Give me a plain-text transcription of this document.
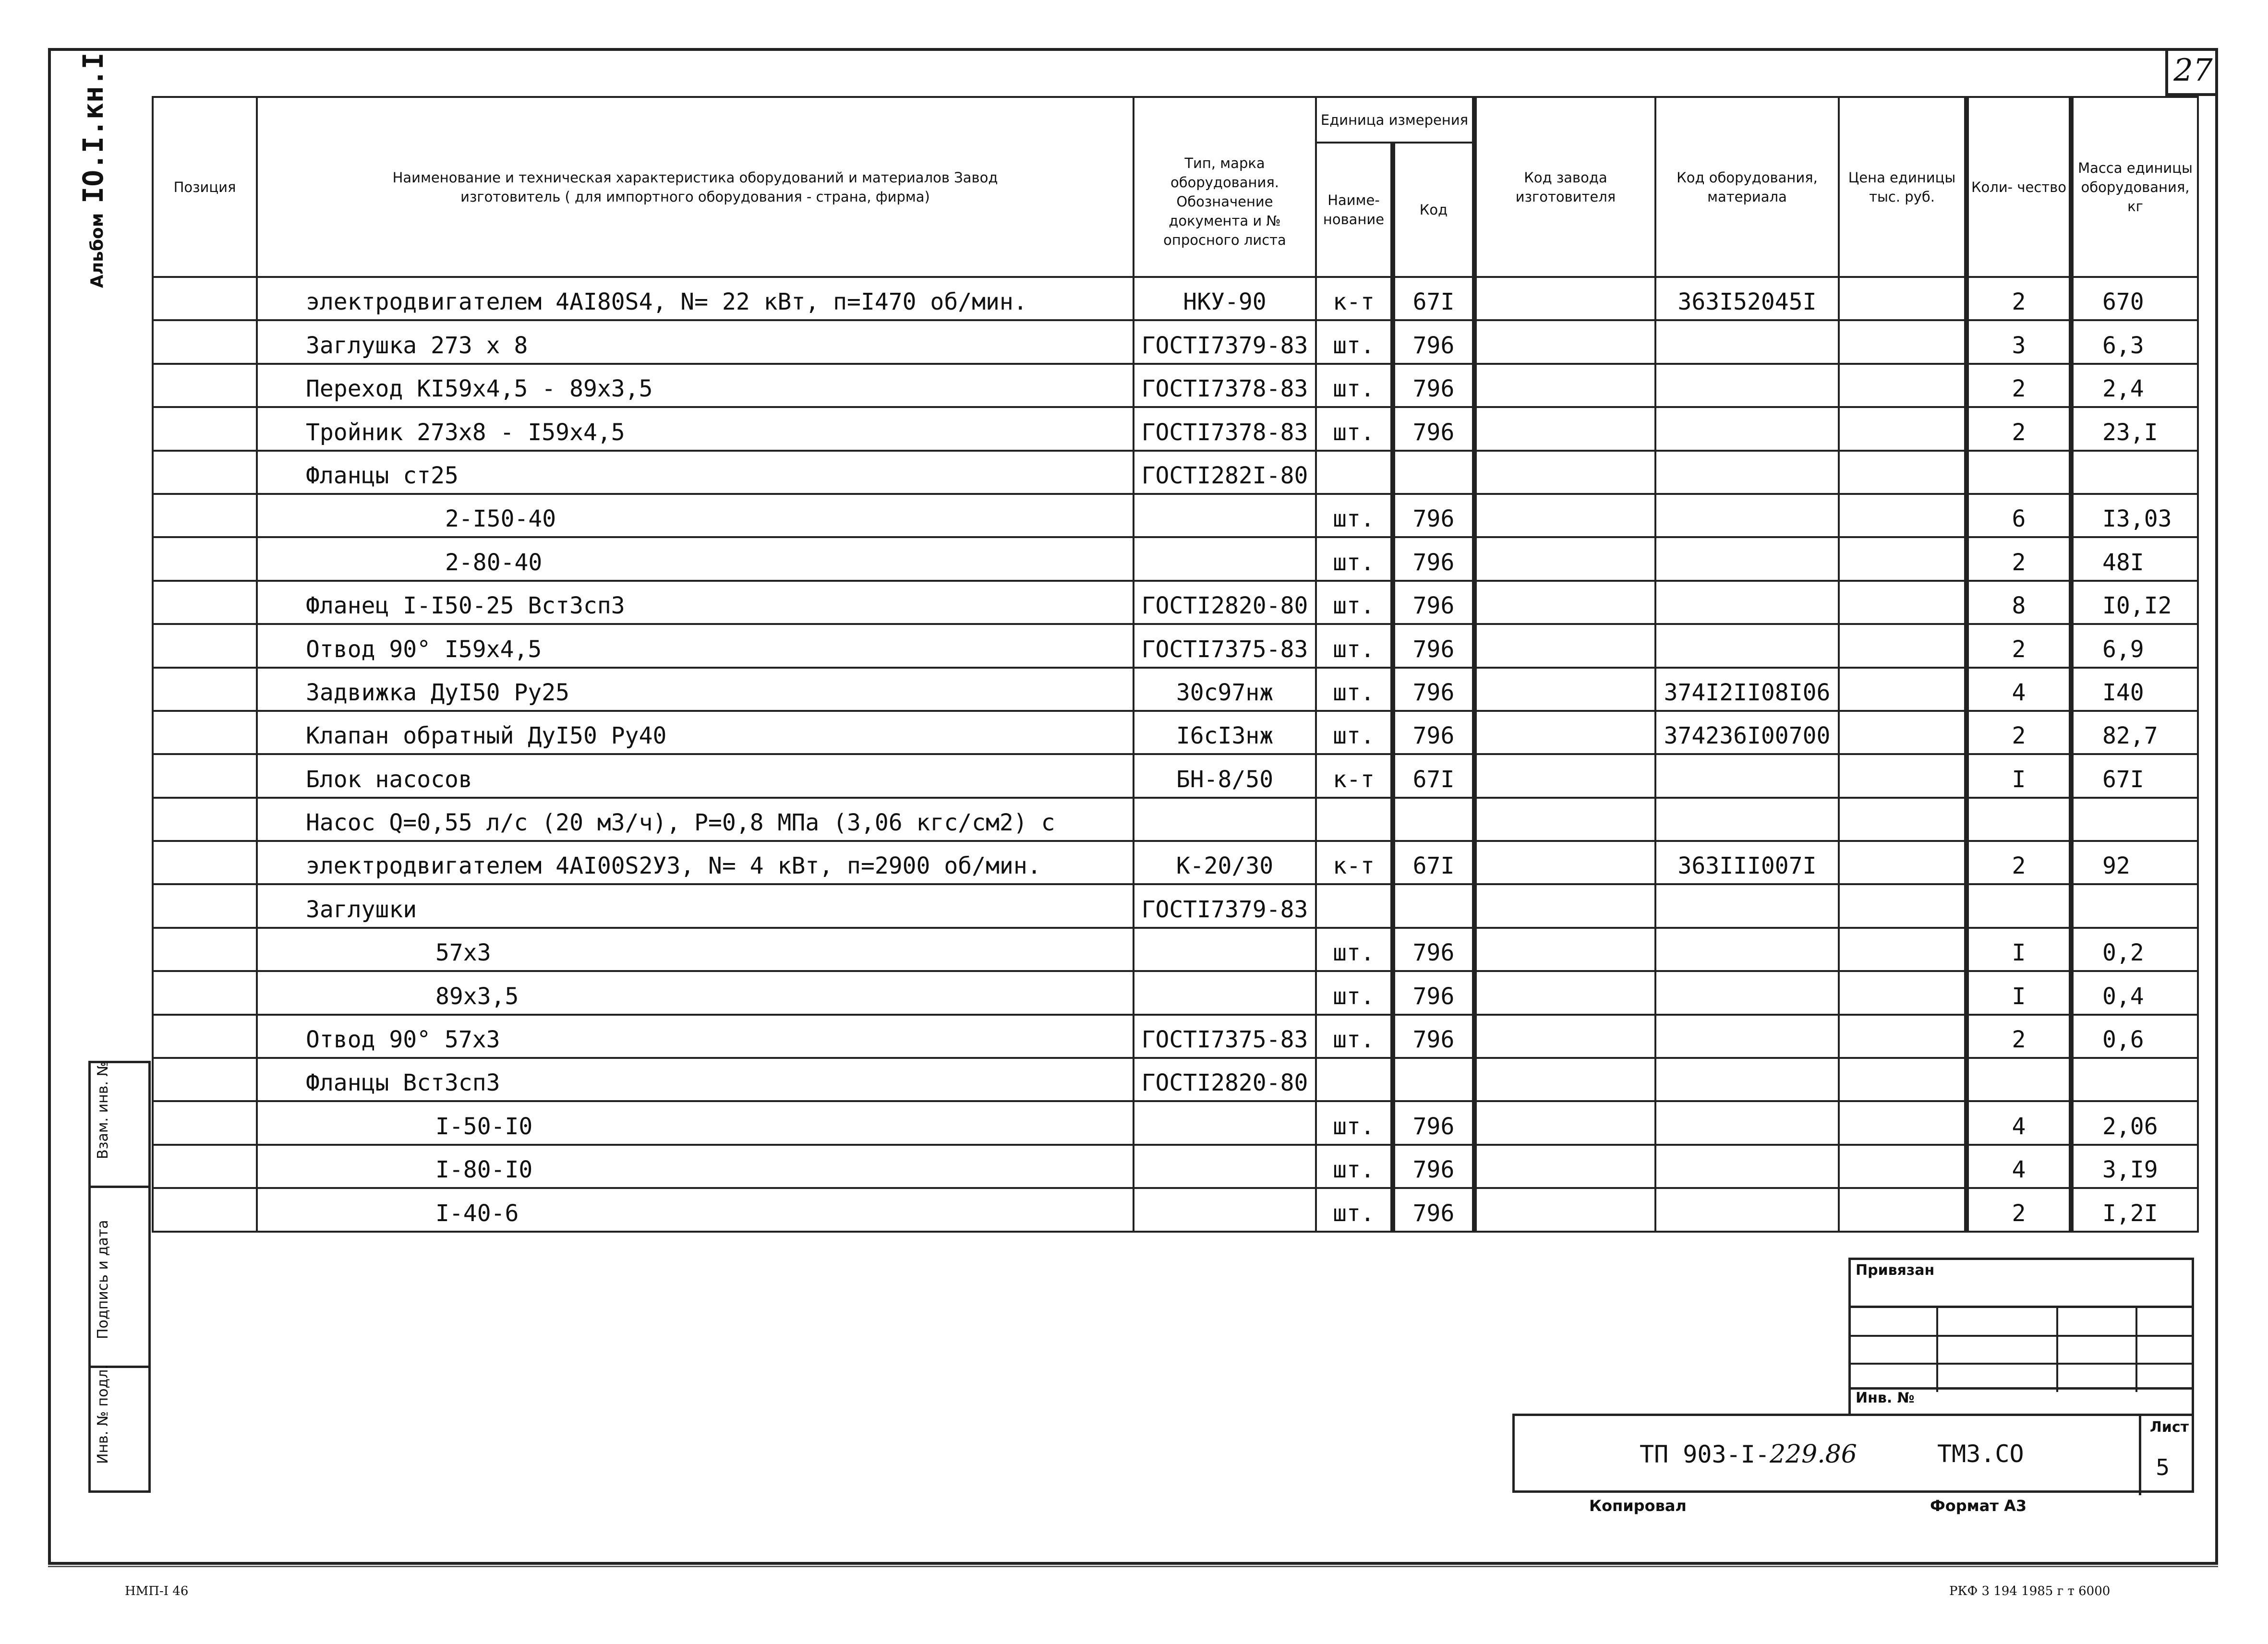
27
Альбом
IO.I.кн.I
Взам. инв. №
Подпись и дата
Инв. № подл.
Позиция	Наименование и техническая характеристика оборудований и материалов Завод изготовитель ( для импортного оборудования - страна, фирма)	Тип, марка оборудования. Обозначение документа и № опросного листа	Единица измерения		Код завода изготовителя	Код оборудования, материала	Цена единицы тыс. руб.	Коли- чество	Масса единицы оборудования, кг
			Наиме- нование	Код					
	электродвигателем 4АI80S4, N= 22 кВт, п=I470 об/мин.	НКУ-90	к-т	67I		363I52045I		2	670
	Заглушка 273 х 8	ГОСТI7379-83	шт.	796				3	6,3
	Переход КI59х4,5 - 89х3,5	ГОСТI7378-83	шт.	796				2	2,4
	Тройник 273х8 - I59х4,5	ГОСТI7378-83	шт.	796				2	23,I
	Фланцы ст25	ГОСТI282I-80							
	2-I50-40		шт.	796				6	I3,03
	2-80-40		шт.	796				2	48I
	Фланец I-I50-25 ВстЗсп3	ГОСТI2820-80	шт.	796				8	I0,I2
	Отвод 90° I59х4,5	ГОСТI7375-83	шт.	796				2	6,9
	Задвижка ДуI50 Ру25	30с97нж	шт.	796		374I2II08I06		4	I40
	Клапан обратный ДуI50 Ру40	I6сI3нж	шт.	796		374236I00700		2	82,7
	Блок насосов	БН-8/50	к-т	67I				I	67I
	Насос Q=0,55 л/с (20 м3/ч), Р=0,8 МПа (3,06 кгс/см2) с								
	электродвигателем 4АI00S2У3, N= 4 кВт, п=2900 об/мин.	К-20/30	к-т	67I		363III007I		2	92
	Заглушки	ГОСТI7379-83							
	57х3		шт.	796				I	0,2
	89х3,5		шт.	796				I	0,4
	Отвод 90° 57х3	ГОСТI7375-83	шт.	796				2	0,6
	Фланцы ВстЗсп3	ГОСТI2820-80							
	I-50-I0		шт.	796				4	2,06
	I-80-I0		шт.	796				4	3,I9
	I-40-6		шт.	796				2	I,2I
Привязан
Инв. №
ТП 903-I-229.86	ТМЗ.СО
Лист
5
Копировал	Формат А3
НМП-I 46	РКФ 3 194 1985 г т 6000
